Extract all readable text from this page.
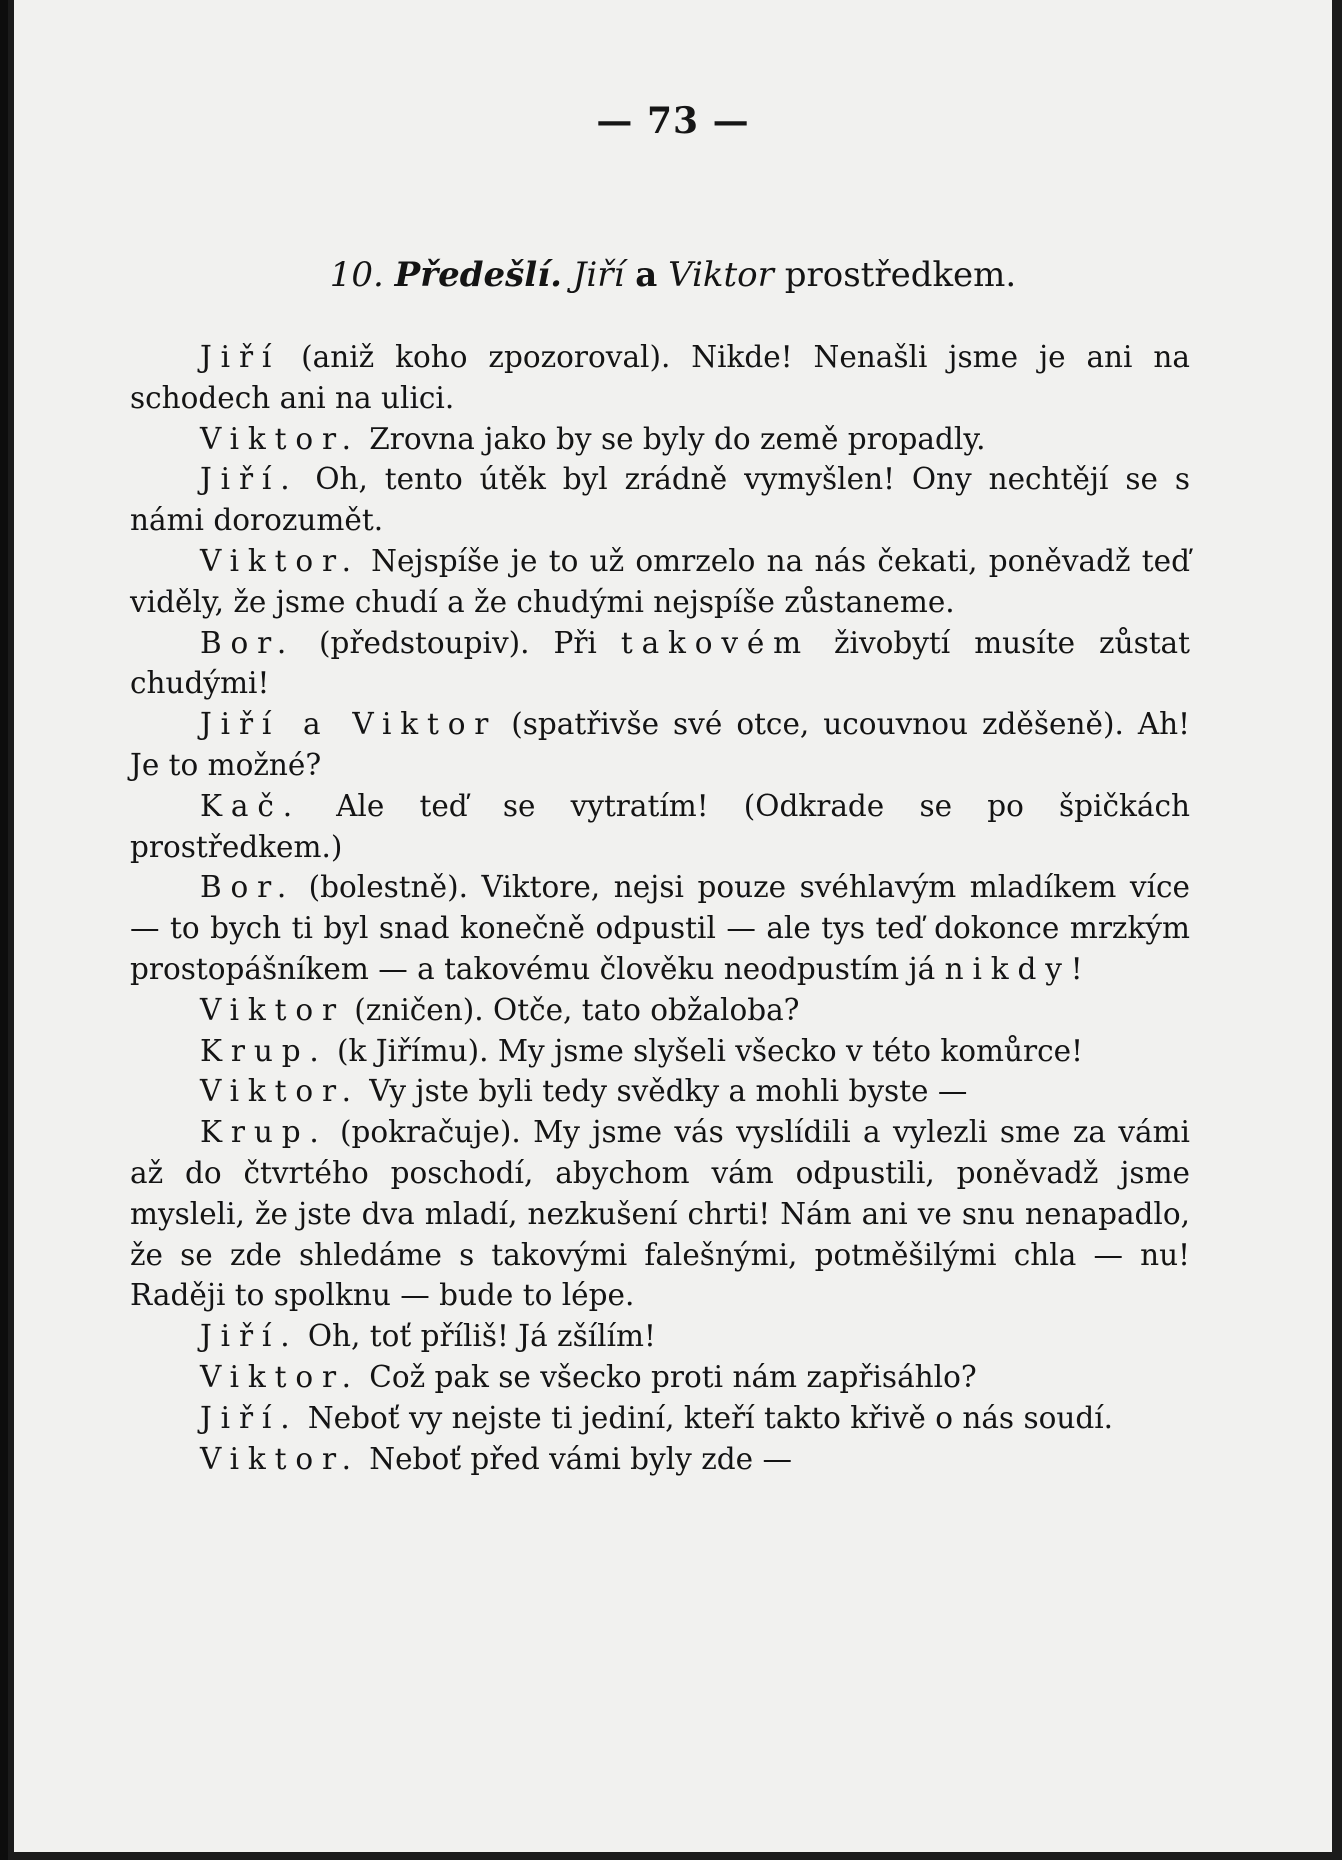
— 73 —
10. Předešlí. Jiří a Viktor prostředkem.

Jiří (aniž koho zpozoroval). Nikde! Nenašli jsme je ani na schodech ani na ulici.

Viktor. Zrovna jako by se byly do země propadly.

Jiří. Oh, tento útěk byl zrádně vymyšlen! Ony nechtějí se s námi dorozumět.

Viktor. Nejspíše je to už omrzelo na nás čekati, poněvadž teď viděly, že jsme chudí a že chudými nejspíše zůstaneme.

Bor. (předstoupiv). Při takovém živobytí musíte zůstat chudými!

Jiří a Viktor (spatřivše své otce, ucouvnou zděšeně). Ah! Je to možné?

Kač. Ale teď se vytratím! (Odkrade se po špičkách prostředkem.)

Bor. (bolestně). Viktore, nejsi pouze svéhlavým mladíkem více — to bych ti byl snad konečně odpustil — ale tys teď dokonce mrzkým prostopášníkem — a takovému člověku neodpustím já nikdy!

Viktor (zničen). Otče, tato obžaloba?

Krup. (k Jiřímu). My jsme slyšeli všecko v této komůrce!

Viktor. Vy jste byli tedy svědky a mohli byste —

Krup. (pokračuje). My jsme vás vyslídili a vylezli sme za vámi až do čtvrtého poschodí, abychom vám odpustili, poněvadž jsme mysleli, že jste dva mladí, nezkušení chrti! Nám ani ve snu nenapadlo, že se zde shledáme s takovými falešnými, potměšilými chla — nu! Raději to spolknu — bude to lépe.

Jiří. Oh, toť příliš! Já zšílím!

Viktor. Což pak se všecko proti nám zapřisáhlo?

Jiří. Neboť vy nejste ti jediní, kteří takto křivě o nás soudí.

Viktor. Neboť před vámi byly zde —
